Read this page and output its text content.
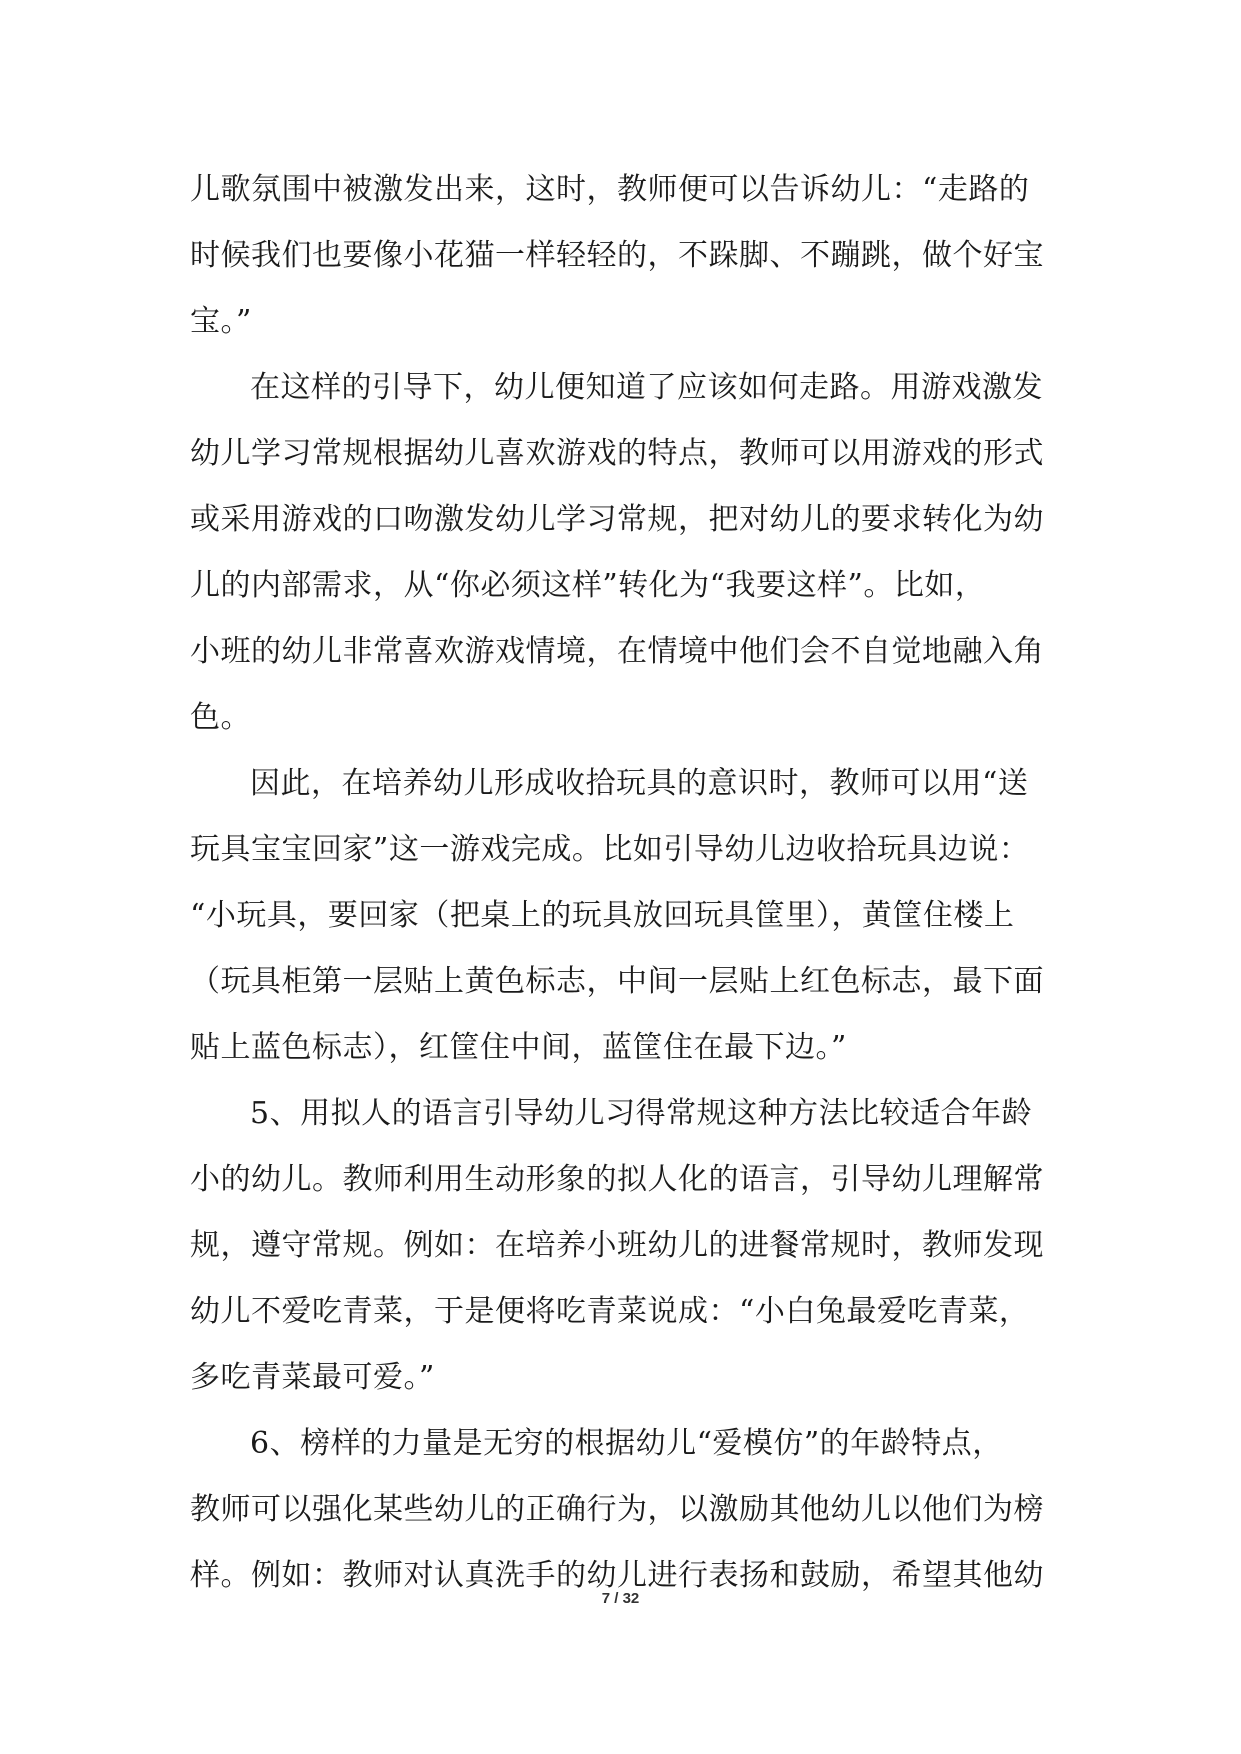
儿歌氛围中被激发出来，这时，教师便可以告诉幼儿：“走路的
时候我们也要像小花猫一样轻轻的，不跺脚、不蹦跳，做个好宝
宝。”
在这样的引导下，幼儿便知道了应该如何走路。用游戏激发
幼儿学习常规根据幼儿喜欢游戏的特点，教师可以用游戏的形式
或采用游戏的口吻激发幼儿学习常规，把对幼儿的要求转化为幼
儿的内部需求，从“你必须这样”转化为“我要这样”。比如，
小班的幼儿非常喜欢游戏情境，在情境中他们会不自觉地融入角
色。
因此，在培养幼儿形成收拾玩具的意识时，教师可以用“送
玩具宝宝回家”这一游戏完成。比如引导幼儿边收拾玩具边说：
“小玩具，要回家（把桌上的玩具放回玩具筐里），黄筐住楼上
（玩具柜第一层贴上黄色标志，中间一层贴上红色标志，最下面
贴上蓝色标志），红筐住中间，蓝筐住在最下边。”
5、用拟人的语言引导幼儿习得常规这种方法比较适合年龄
小的幼儿。教师利用生动形象的拟人化的语言，引导幼儿理解常
规，遵守常规。例如：在培养小班幼儿的进餐常规时，教师发现
幼儿不爱吃青菜，于是便将吃青菜说成：“小白兔最爱吃青菜，
多吃青菜最可爱。”
6、榜样的力量是无穷的根据幼儿“爱模仿”的年龄特点，
教师可以强化某些幼儿的正确行为，以激励其他幼儿以他们为榜
样。例如：教师对认真洗手的幼儿进行表扬和鼓励，希望其他幼
7 / 32
